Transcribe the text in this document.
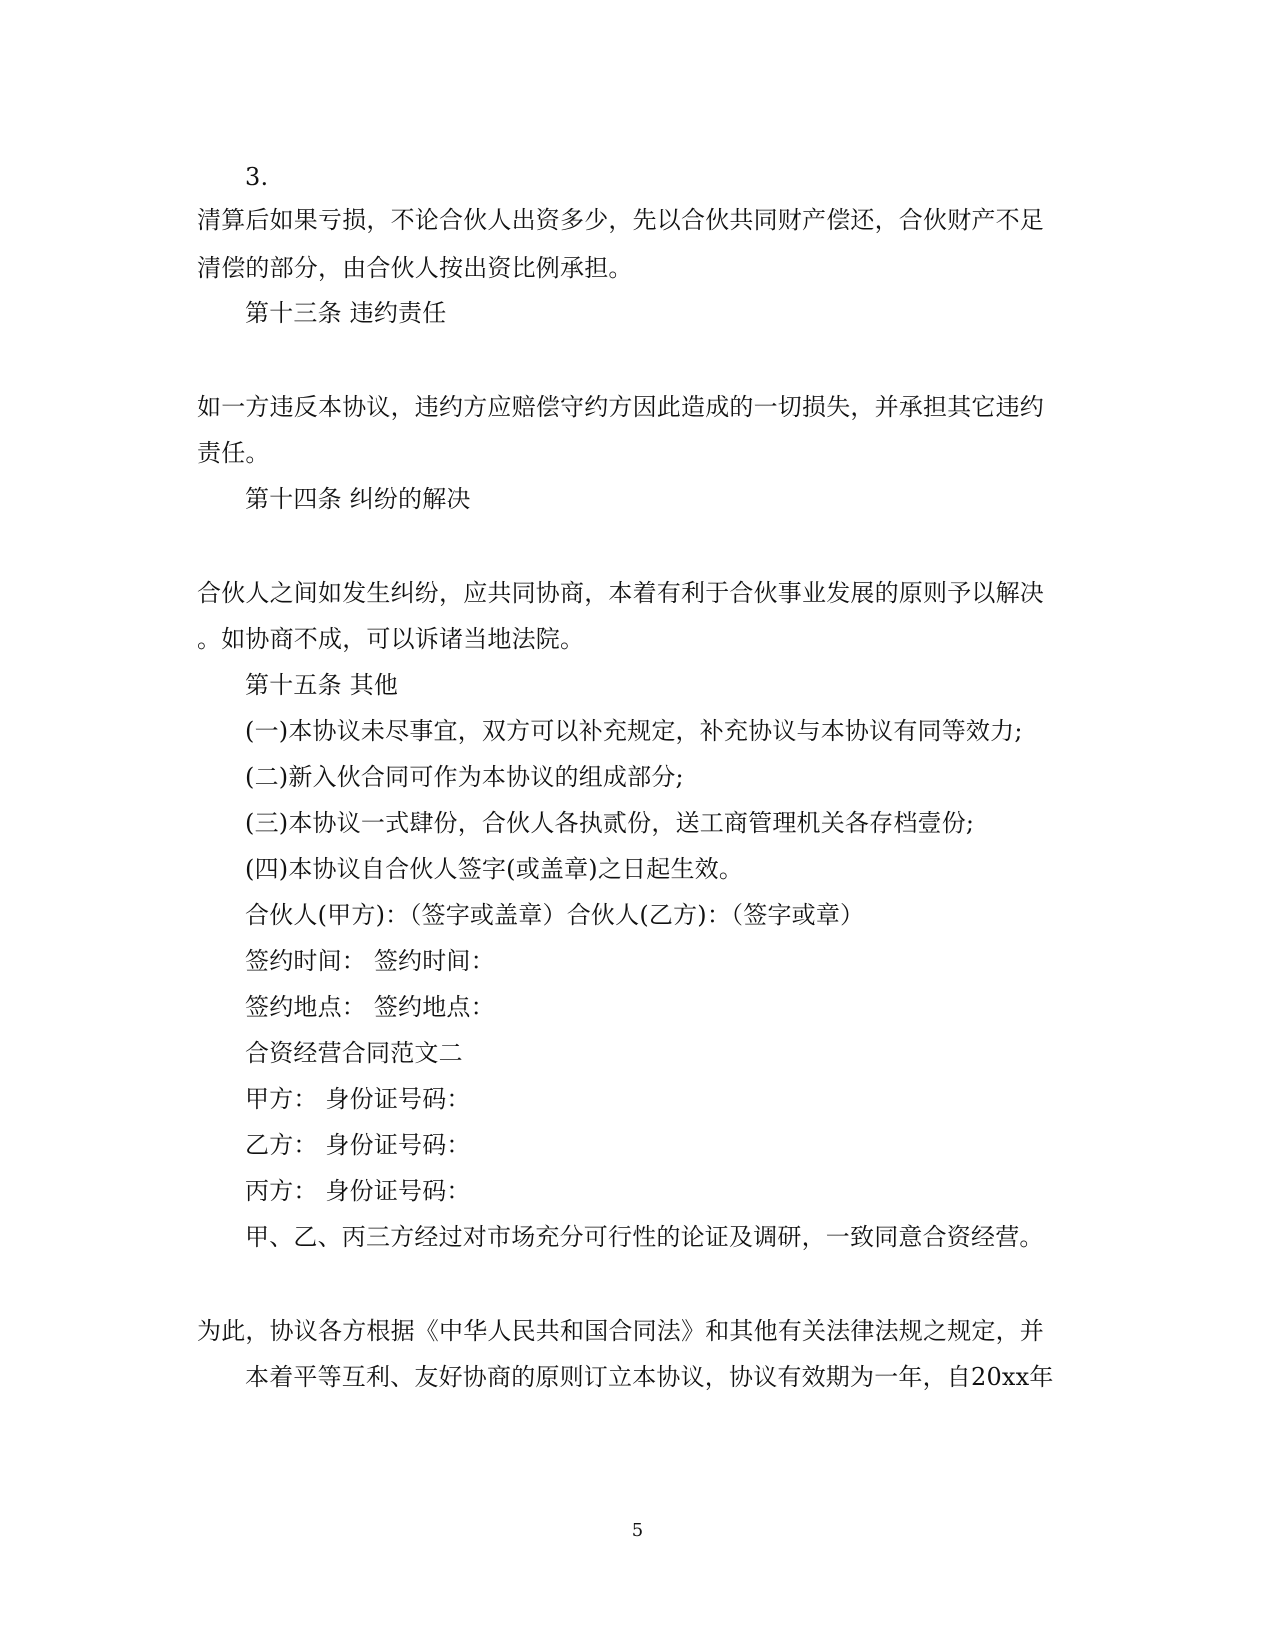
3.
清算后如果亏损，不论合伙人出资多少，先以合伙共同财产偿还，合伙财产不足
清偿的部分，由合伙人按出资比例承担。
第十三条 违约责任
如一方违反本协议，违约方应赔偿守约方因此造成的一切损失，并承担其它违约
责任。
第十四条 纠纷的解决
合伙人之间如发生纠纷，应共同协商，本着有利于合伙事业发展的原则予以解决
。如协商不成，可以诉诸当地法院。
第十五条 其他
(一)本协议未尽事宜，双方可以补充规定，补充协议与本协议有同等效力;
(二)新入伙合同可作为本协议的组成部分;
(三)本协议一式肆份，合伙人各执贰份，送工商管理机关各存档壹份;
(四)本协议自合伙人签字(或盖章)之日起生效。
合伙人(甲方)：（签字或盖章）合伙人(乙方)：（签字或章）
签约时间： 签约时间：
签约地点： 签约地点：
合资经营合同范文二
甲方： 身份证号码：
乙方： 身份证号码：
丙方： 身份证号码：
甲、乙、丙三方经过对市场充分可行性的论证及调研，一致同意合资经营。
为此，协议各方根据《中华人民共和国合同法》和其他有关法律法规之规定，并
本着平等互利、友好协商的原则订立本协议，协议有效期为一年，自20xx年
5
